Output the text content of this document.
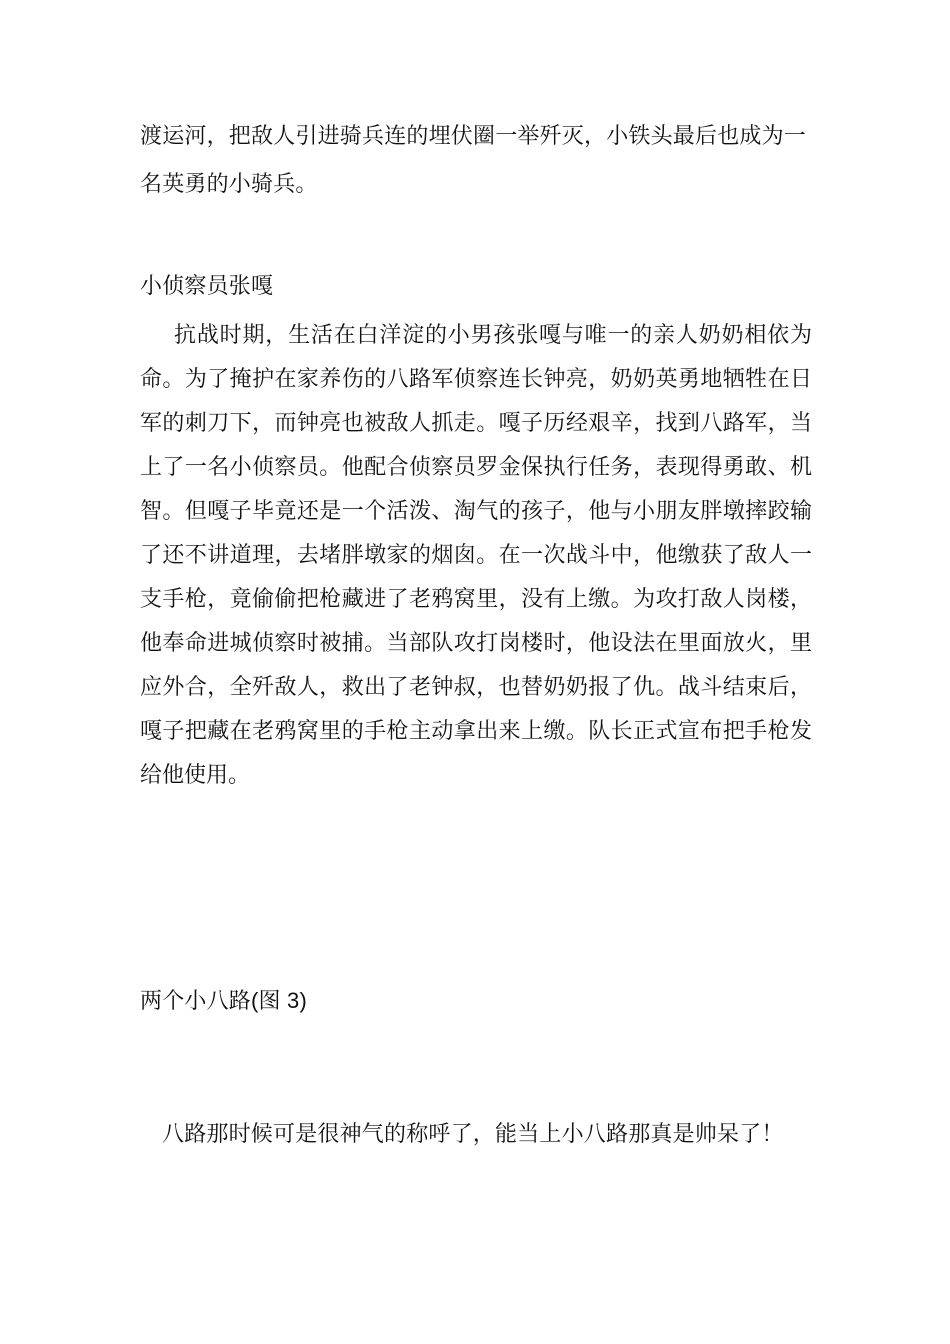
渡运河，把敌人引进骑兵连的埋伏圈一举歼灭，小铁头最后也成为一
名英勇的小骑兵。
小侦察员张嘎

抗战时期，生活在白洋淀的小男孩张嘎与唯一的亲人奶奶相依为命。为了掩护在家养伤的八路军侦察连长钟亮，奶奶英勇地牺牲在日军的刺刀下，而钟亮也被敌人抓走。嘎子历经艰辛，找到八路军，当上了一名小侦察员。他配合侦察员罗金保执行任务，表现得勇敢、机智。但嘎子毕竟还是一个活泼、淘气的孩子，他与小朋友胖墩摔跤输了还不讲道理，去堵胖墩家的烟囱。在一次战斗中，他缴获了敌人一支手枪，竟偷偷把枪藏进了老鸦窝里，没有上缴。为攻打敌人岗楼，他奉命进城侦察时被捕。当部队攻打岗楼时，他设法在里面放火，里应外合，全歼敌人，救出了老钟叔，也替奶奶报了仇。战斗结束后，嘎子把藏在老鸦窝里的手枪主动拿出来上缴。队长正式宣布把手枪发给他使用。

两个小八路(图 3)
八路那时候可是很神气的称呼了，能当上小八路那真是帅呆了！
